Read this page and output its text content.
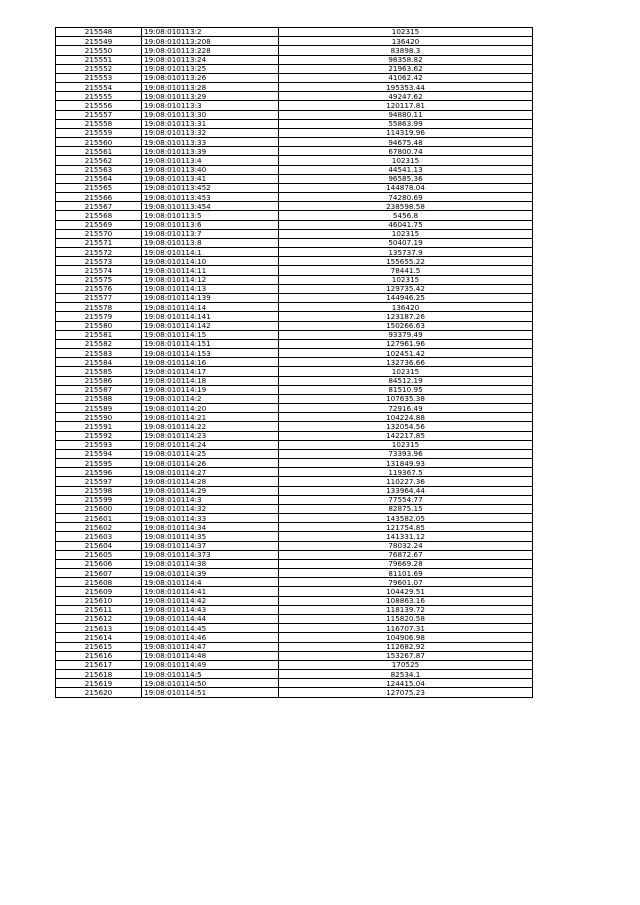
215548	19:08:010113:2	102315
215549	19:08:010113:208	136420
215550	19:08:010113:228	83898.3
215551	19:08:010113:24	98358.82
215552	19:08:010113:25	21963.62
215553	19:08:010113:26	41062.42
215554	19:08:010113:28	195353.44
215555	19:08:010113:29	49247.62
215556	19:08:010113:3	120117.81
215557	19:08:010113:30	94880.11
215558	19:08:010113:31	55863.99
215559	19:08:010113:32	114319.96
215560	19:08:010113:33	94675.48
215561	19:08:010113:39	67800.74
215562	19:08:010113:4	102315
215563	19:08:010113:40	44541.13
215564	19:08:010113:41	96585.36
215565	19:08:010113:452	144878.04
215566	19:08:010113:453	74280.69
215567	19:08:010113:454	238598.58
215568	19:08:010113:5	5456.8
215569	19:08:010113:6	46041.75
215570	19:08:010113:7	102315
215571	19:08:010113:8	50407.19
215572	19:08:010114:1	135737.9
215573	19:08:010114:10	155655.22
215574	19:08:010114:11	78441.5
215575	19:08:010114:12	102315
215576	19:08:010114:13	129735.42
215577	19:08:010114:139	144946.25
215578	19:08:010114:14	136420
215579	19:08:010114:141	123187.26
215580	19:08:010114:142	150266.63
215581	19:08:010114:15	93379.49
215582	19:08:010114:151	127961.96
215583	19:08:010114:153	102451.42
215584	19:08:010114:16	132736.66
215585	19:08:010114:17	102315
215586	19:08:010114:18	84512.19
215587	19:08:010114:19	81510.95
215588	19:08:010114:2	107635.38
215589	19:08:010114:20	72916.49
215590	19:08:010114:21	104224.88
215591	19:08:010114:22	132054.56
215592	19:08:010114:23	142217.85
215593	19:08:010114:24	102315
215594	19:08:010114:25	73393.96
215595	19:08:010114:26	131849.93
215596	19:08:010114:27	119367.5
215597	19:08:010114:28	110227.36
215598	19:08:010114:29	133964.44
215599	19:08:010114:3	77554.77
215600	19:08:010114:32	82875.15
215601	19:08:010114:33	143582.05
215602	19:08:010114:34	121754.85
215603	19:08:010114:35	141331.12
215604	19:08:010114:37	78032.24
215605	19:08:010114:373	76872.67
215606	19:08:010114:38	79669.28
215607	19:08:010114:39	81101.69
215608	19:08:010114:4	79601.07
215609	19:08:010114:41	104429.51
215610	19:08:010114:42	108863.16
215611	19:08:010114:43	118139.72
215612	19:08:010114:44	115820.58
215613	19:08:010114:45	116707.31
215614	19:08:010114:46	104906.98
215615	19:08:010114:47	112682.92
215616	19:08:010114:48	153267.87
215617	19:08:010114:49	170525
215618	19:08:010114:5	82534.1
215619	19:08:010114:50	124415.04
215620	19:08:010114:51	127075.23
